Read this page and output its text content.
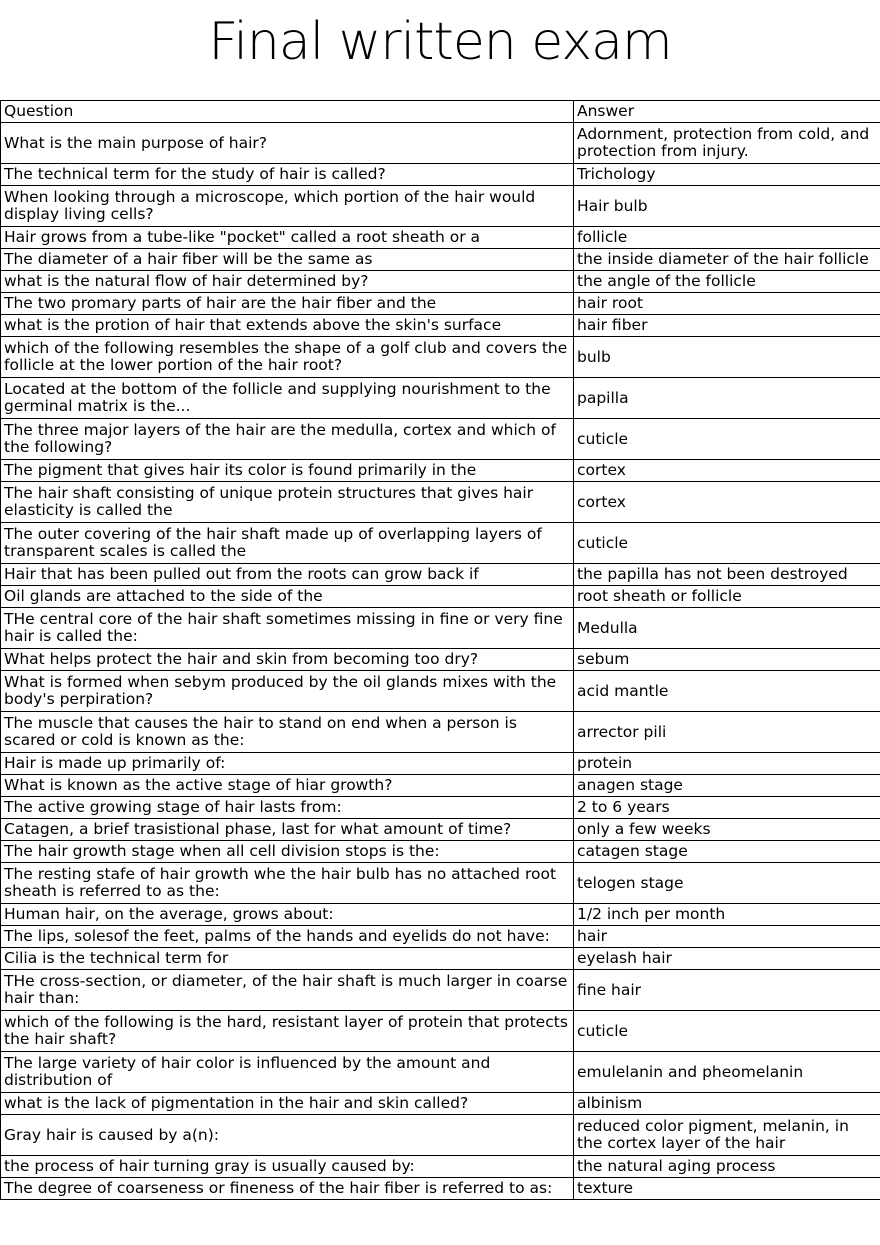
Final written exam
Question	Answer
What is the main purpose of hair?	Adornment, protection from cold, and protection from injury.
The technical term for the study of hair is called?	Trichology
When looking through a microscope, which portion of the hair would display living cells?	Hair bulb
Hair grows from a tube-like "pocket" called a root sheath or a	follicle
The diameter of a hair fiber will be the same as	the inside diameter of the hair follicle
what is the natural flow of hair determined by?	the angle of the follicle
The two promary parts of hair are the hair fiber and the	hair root
what is the protion of hair that extends above the skin's surface	hair fiber
which of the following resembles the shape of a golf club and covers the follicle at the lower portion of the hair root?	bulb
Located at the bottom of the follicle and supplying nourishment to the germinal matrix is the...	papilla
The three major layers of the hair are the medulla, cortex and which of the following?	cuticle
The pigment that gives hair its color is found primarily in the	cortex
The hair shaft consisting of unique protein structures that gives hair elasticity is called the	cortex
The outer covering of the hair shaft made up of overlapping layers of transparent scales is called the	cuticle
Hair that has been pulled out from the roots can grow back if	the papilla has not been destroyed
Oil glands are attached to the side of the	root sheath or follicle
THe central core of the hair shaft sometimes missing in fine or very fine hair is called the:	Medulla
What helps protect the hair and skin from becoming too dry?	sebum
What is formed when sebym produced by the oil glands mixes with the body's perpiration?	acid mantle
The muscle that causes the hair to stand on end when a person is scared or cold is known as the:	arrector pili
Hair is made up primarily of:	protein
What is known as the active stage of hiar growth?	anagen stage
The active growing stage of hair lasts from:	2 to 6 years
Catagen, a brief trasistional phase, last for what amount of time?	only a few weeks
The hair growth stage when all cell division stops is the:	catagen stage
The resting stafe of hair growth whe the hair bulb has no attached root sheath is referred to as the:	telogen stage
Human hair, on the average, grows about:	1/2 inch per month
The lips, solesof the feet, palms of the hands and eyelids do not have:	hair
Cilia is the technical term for	eyelash hair
THe cross-section, or diameter, of the hair shaft is much larger in coarse hair than:	fine hair
which of the following is the hard, resistant layer of protein that protects the hair shaft?	cuticle
The large variety of hair color is influenced by the amount and distribution of	emulelanin and pheomelanin
what is the lack of pigmentation in the hair and skin called?	albinism
Gray hair is caused by a(n):	reduced color pigment, melanin, in the cortex layer of the hair
the process of hair turning gray is usually caused by:	the natural aging process
The degree of coarseness or fineness of the hair fiber is referred to as:	texture
